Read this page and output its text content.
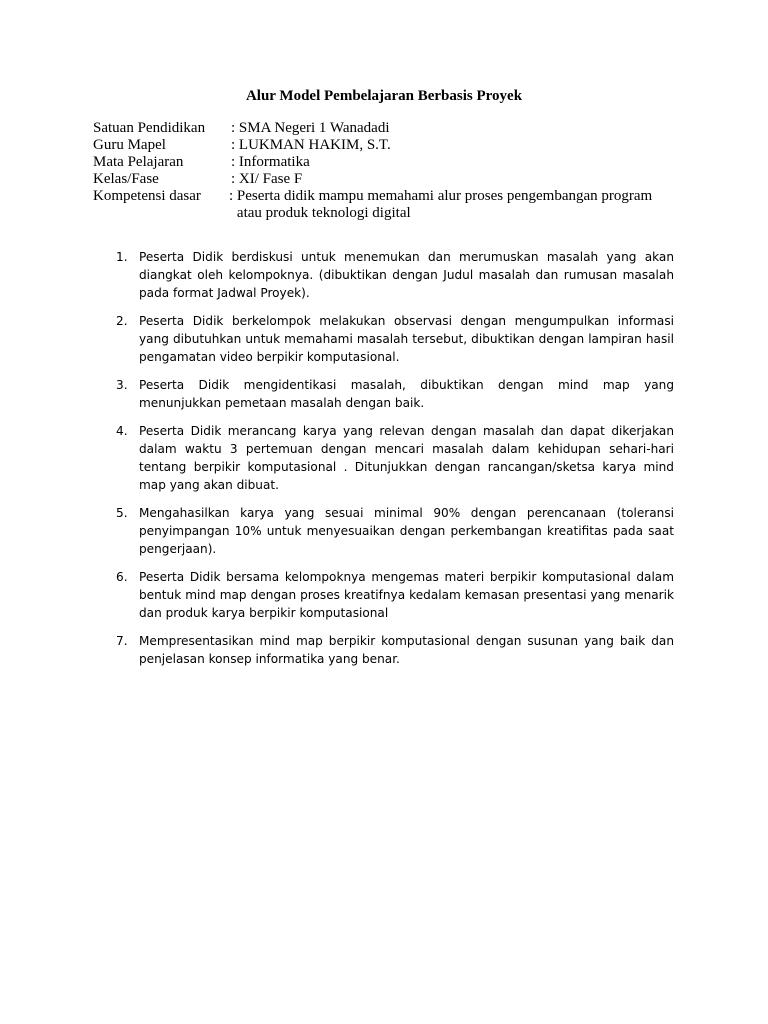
Alur Model Pembelajaran Berbasis Proyek
Satuan Pendidikan	: SMA Negeri 1 Wanadadi
Guru Mapel	: LUKMAN HAKIM, S.T.
Mata Pelajaran	: Informatika
Kelas/Fase	: XI/ Fase F
Kompetensi dasar	: Peserta didik mampu memahami alur proses pengembangan program atau produk teknologi digital
1. Peserta Didik berdiskusi untuk menemukan dan merumuskan masalah yang akan diangkat oleh kelompoknya. (dibuktikan dengan Judul masalah dan rumusan masalah pada format Jadwal Proyek).
2. Peserta Didik berkelompok melakukan observasi dengan mengumpulkan informasi yang dibutuhkan untuk memahami masalah tersebut, dibuktikan dengan lampiran hasil pengamatan video berpikir komputasional.
3. Peserta Didik mengidentikasi masalah, dibuktikan dengan mind map yang menunjukkan pemetaan masalah dengan baik.
4. Peserta Didik merancang karya yang relevan dengan masalah dan dapat dikerjakan dalam waktu 3 pertemuan dengan mencari masalah dalam kehidupan sehari-hari tentang berpikir komputasional . Ditunjukkan dengan rancangan/sketsa karya mind map yang akan dibuat.
5. Mengahasilkan karya yang sesuai minimal 90% dengan perencanaan (toleransi penyimpangan 10% untuk menyesuaikan dengan perkembangan kreatifitas pada saat pengerjaan).
6. Peserta Didik bersama kelompoknya mengemas materi berpikir komputasional dalam bentuk mind map dengan proses kreatifnya kedalam kemasan presentasi yang menarik dan produk karya berpikir komputasional
7. Mempresentasikan mind map berpikir komputasional dengan susunan yang baik dan penjelasan konsep informatika yang benar.
